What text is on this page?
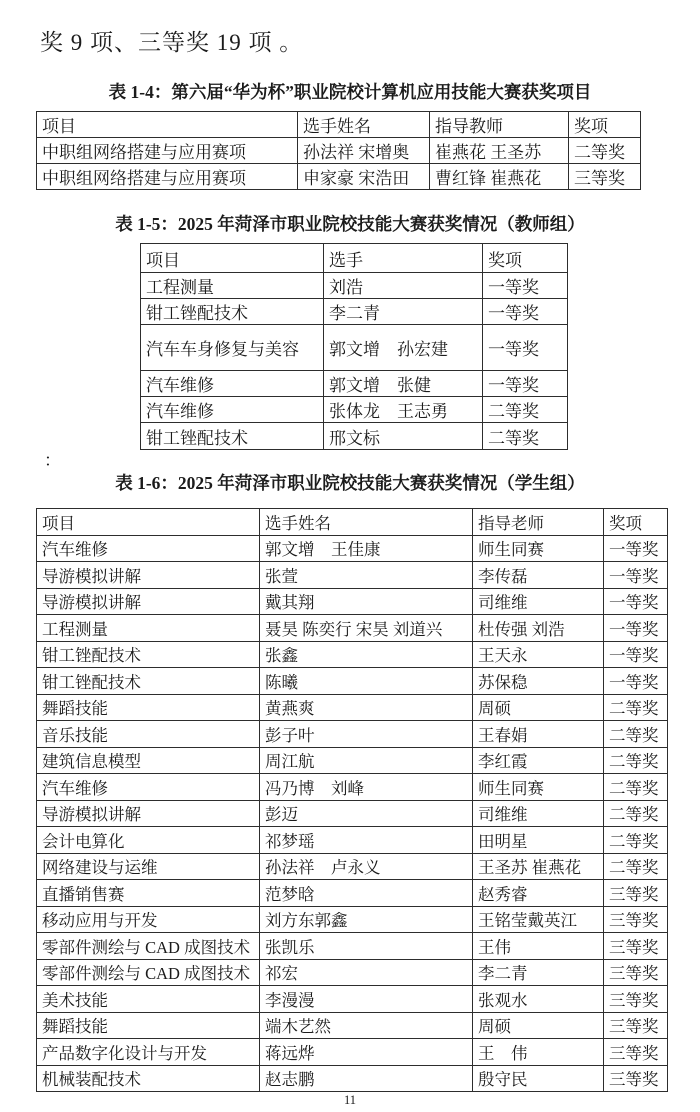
奖 9 项、三等奖 19 项 。
表 1-4：第六届“华为杯”职业院校计算机应用技能大赛获奖项目
项目	选手姓名	指导教师	奖项
中职组网络搭建与应用赛项	孙法祥 宋增奥	崔燕花 王圣苏	二等奖
中职组网络搭建与应用赛项	申家豪 宋浩田	曹红锋 崔燕花	三等奖
表 1-5：2025 年菏泽市职业院校技能大赛获奖情况（教师组）
项目	选手	奖项
工程测量	刘浩	一等奖
钳工锉配技术	李二青	一等奖
汽车车身修复与美容	郭文增　孙宏建	一等奖
汽车维修	郭文增　张健	一等奖
汽车维修	张体龙　王志勇	二等奖
钳工锉配技术	邢文标	二等奖
：
表 1-6：2025 年菏泽市职业院校技能大赛获奖情况（学生组）
项目	选手姓名	指导老师	奖项
汽车维修	郭文增　王佳康	师生同赛	一等奖
导游模拟讲解	张萱	李传磊	一等奖
导游模拟讲解	戴其翔	司维维	一等奖
工程测量	聂昊 陈奕行 宋昊 刘道兴	杜传强 刘浩	一等奖
钳工锉配技术	张鑫	王天永	一等奖
钳工锉配技术	陈曦	苏保稳	一等奖
舞蹈技能	黄燕爽	周硕	二等奖
音乐技能	彭子叶	王春娟	二等奖
建筑信息模型	周江航	李红霞	二等奖
汽车维修	冯乃博　刘峰	师生同赛	二等奖
导游模拟讲解	彭迈	司维维	二等奖
会计电算化	祁梦瑶	田明星	二等奖
网络建设与运维	孙法祥　卢永义	王圣苏 崔燕花	二等奖
直播销售赛	范梦晗	赵秀睿	三等奖
移动应用与开发	刘方东郭鑫	王铭莹戴英江	三等奖
零部件测绘与 CAD 成图技术	张凯乐	王伟	三等奖
零部件测绘与 CAD 成图技术	祁宏	李二青	三等奖
美术技能	李漫漫	张观水	三等奖
舞蹈技能	端木艺然	周硕	三等奖
产品数字化设计与开发	蒋远烨	王　伟	三等奖
机械装配技术	赵志鹏	殷守民	三等奖
11
